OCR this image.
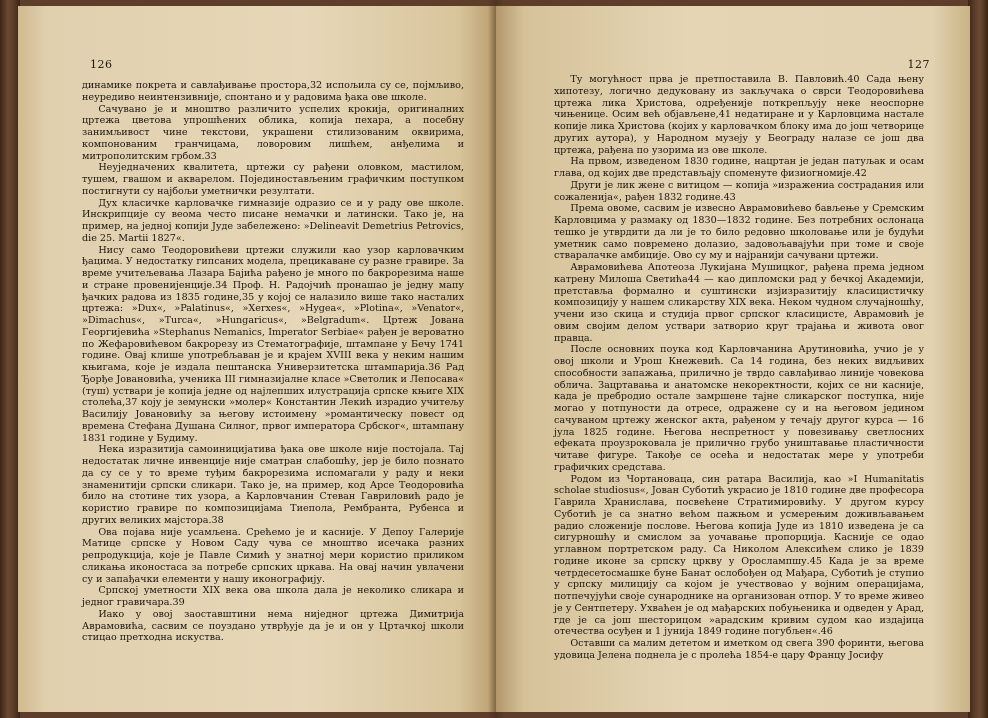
126

динамике покрета и савлађивање простора,32 испољила су се, појмљиво, неуредиво неинтензивније, спонтано и у радовима ђака ове школе.

Сачувано је и мноштво различито успелих крокија, оригиналних цртежа цветова упрошћених облика, копија пехара, а посебну занимљивост чине текстови, украшени стилизованим оквирима, компонованим гранчицама, ловоровим лишћем, анђелима и митрополитским грбом.33

Неуједначених квалитета, цртежи су рађени оловком, мастилом, тушем, гвашом и акварелом. Појединостављеним графичким поступком постигнути су најбољи уметнички резултати.

Дух класичке карловачке гимназије одразио се и у раду ове школе. Инскрипције су веома често писане немачки и латински. Тако је, на пример, на једној копији Јуде забележено: »Delineavit Demetrius Petrovics, die 25. Martii 1827«.

Нису само Теодоровићеви цртежи служили као узор карловачким ђацима. У недостатку гипсаних модела, прецикаване су разне гравире. За време учитељевања Лазара Бајића рађено је много по бакрорезима наше и стране провенијенције.34 Проф. Н. Радојчић пронашао је једну мапу ђачких радова из 1835 године,35 у којој се налазило више тако насталих цртежа: »Dux«, »Palatinus«, »Xerxes«, »Hygea«, »Plotina«, »Venator«, »Dimachus«, »Turca«, »Hungaricus«, »Belgradum«. Цртеж Јована Георгијевића »Stephanus Nemanics, Imperator Serbiae« рађен је вероватно по Жефаровићевом бакрорезу из Стематографије, штампане у Бечу 1741 године. Овај клише употребљаван је и крајем XVIII века у неким нашим књигама, које је издала пештанска Универзитетска штампарија.36 Рад Ђорђе Јовановића, ученика III гимназијалне класе »Светолик и Лепосава« (туш) уствари је копија једне од најлепших илустрација српске књиге XIX столећа,37 коју је земунски »молер« Константин Лекић израдио учитељу Василију Јовановићу за његову истоимену »романтическу повест од времена Стефана Душана Силног, првог императора Србског«, штампану 1831 године у Будиму.

Нека изразитија самоиницијатива ђака ове школе није постојала. Тај недостатак личне инвенције није сматран слабошћу, јер је било познато да су се у то време туђим бакрорезима испомагали у раду и неки знаменитији српски сликари. Тако је, на пример, код Арсе Теодоровића било на стотине тих узора, а Карловчанин Стеван Гавриловић радо је користио гравире по композицијама Тиепола, Рембранта, Рубенса и других великих мајстора.38

Ова појава није усамљена. Срећемо је и касније. У Депоу Галерије Матице српске у Новом Саду чува се мноштво исечака разних репродукција, које је Павле Симић у знатној мери користио приликом сликања иконостаса за потребе српских цркава. На овај начин увлачени су и запађачки елементи у нашу иконографију.

Српској уметности XIX века ова школа дала је неколико сликара и једног гравичара.39

Иако у овој заоставштини нема ниједног цртежа Димитрија Аврамовића, сасвим се поуздано утврђује да је и он у Цртачкој школи стицао претходна искуства.

127

Ту могућност прва је претпоставила В. Павловић.40 Сада њену хипотезу, логично дедуковану из закључака о сврси Теодоровићева цртежа лика Христова, одређеније поткрепљују неке неоспорне чињенице. Осим већ објављене,41 недатиране и у Карловцима настале копије лика Христова (којих у карловачком блоку има до још четворице других аутора), у Народном музеју у Београду налазе се још два цртежа, рађена по узорима из ове школе.

На првом, изведеном 1830 године, нацртан је један патуљак и осам глава, од којих две представљају споменуте физиогномије.42

Други је лик жене с витицом — копија »изражениа сострадания или сожаленија«, рађен 1832 године.43

Према овоме, сасвим је извесно Аврамовићево бављење у Сремским Карловцима у размаку од 1830—1832 године. Без потребних ослонаца тешко је утврдити да ли је то било редовно школовање или је будући уметник само повремено долазио, задовољавајући при томе и своје стваралачке амбиције. Ово су му и најранији сачувани цртежи.

Аврамовићева Апотеоза Лукијана Мушицког, рађена према једном катрену Милоша Светића44 — као дипломски рад у бечкој Академији, претстављa формално и суштински изјизразитију класицистичку композицију у нашем сликарству XIX века. Неком чудном случајношћу, учени изо скица и студија првог српског класицисте, Аврамовић је овим својим делом уствари затворио круг трајања и живота овог правца.

После основних поука код Карловчанина Арутиновића, учио је у овој школи и Урош Кнежевић. Са 14 година, без неких видљивих способности запажања, прилично је тврдо савлађивао линије човекова облича. Зацртавања и анатомске некоректности, којих се ни касније, када је пребродио остале замршене тајне сликарског поступка, није могао у потпуности да отресе, одражене су и на његовом једином сачуваном цртежу женског акта, рађеном у течају другог курса — 16 јула 1825 године. Његова неспретност у повезивању светлосних ефеката проузроковала је прилично грубо уништавање пластичности читаве фигуре. Такође се осећа и недостатак мере у употреби графичких средстава.

Родом из Чортановаца, син ратара Василија, као »I Humanitatis scholae studiosus«, Јован Суботић украсио је 1810 године две професора Гаврила Хранислава, посвећене Стратимировићу. У другом курсу Суботић је са знатно већом пажњом и усмерењим доживљавањем радио сложеније послове. Његова копија Јуде из 1810 изведена је са сигурношћу и смислом за уочавање пропорција. Касније се одао углавном портретском раду. Са Николом Алексићем слико је 1839 године иконе за српску цркву у Орослампшу.45 Када је за време четрдесетосмашке буне Банат ослобођен од Мађара, Суботић је ступио у српску милицију са којом је учествовао у војним операцијама, потпечујући своје сународнике на организован отпор. У то време живео је у Сентпетеру. Ухваћен је од мађарских побуњеника и одведен у Арад, где је са још шесторицом »арадским кривим судом као издајица отечества осуђен и 1 јунија 1849 године погубљен«.46

Оставши са малим дететом и иметком од свега 390 форинти, његова удовица Јелена поднела је с пролећа 1854-е цару Францу Јосифу
